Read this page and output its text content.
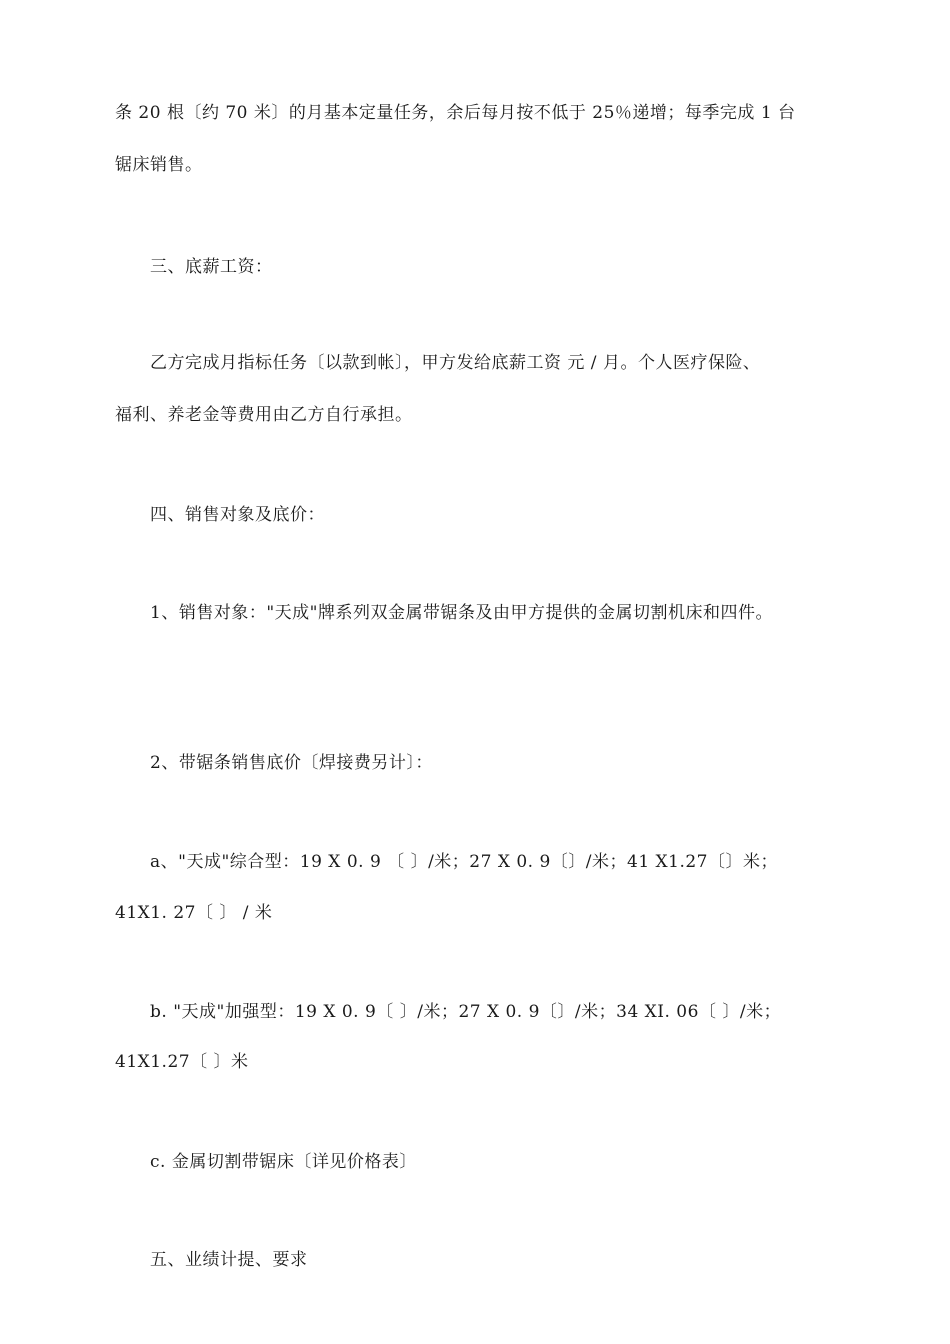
条 20 根〔约 70 米〕的月基本定量任务，余后每月按不低于 25％递增；每季完成 1 台
锯床销售。
三、底薪工资：
乙方完成月指标任务〔以款到帐〕，甲方发给底薪工资 元 / 月。个人医疗保险、
福利、养老金等费用由乙方自行承担。
四、销售对象及底价：
1、销售对象："天成"牌系列双金属带锯条及由甲方提供的金属切割机床和四件。
2、带锯条销售底价〔焊接费另计〕：
a、"天成"综合型：19 X 0. 9 〔 〕/米；27 X 0. 9〔〕/米；41 X1.27〔〕米；
41X1. 27〔 〕 / 米
b. "天成"加强型：19 X 0. 9〔 〕/米；27 X 0. 9〔〕/米；34 XI. 06〔 〕/米；
41X1.27〔 〕米
c. 金属切割带锯床〔详见价格表〕
五、业绩计提、要求
